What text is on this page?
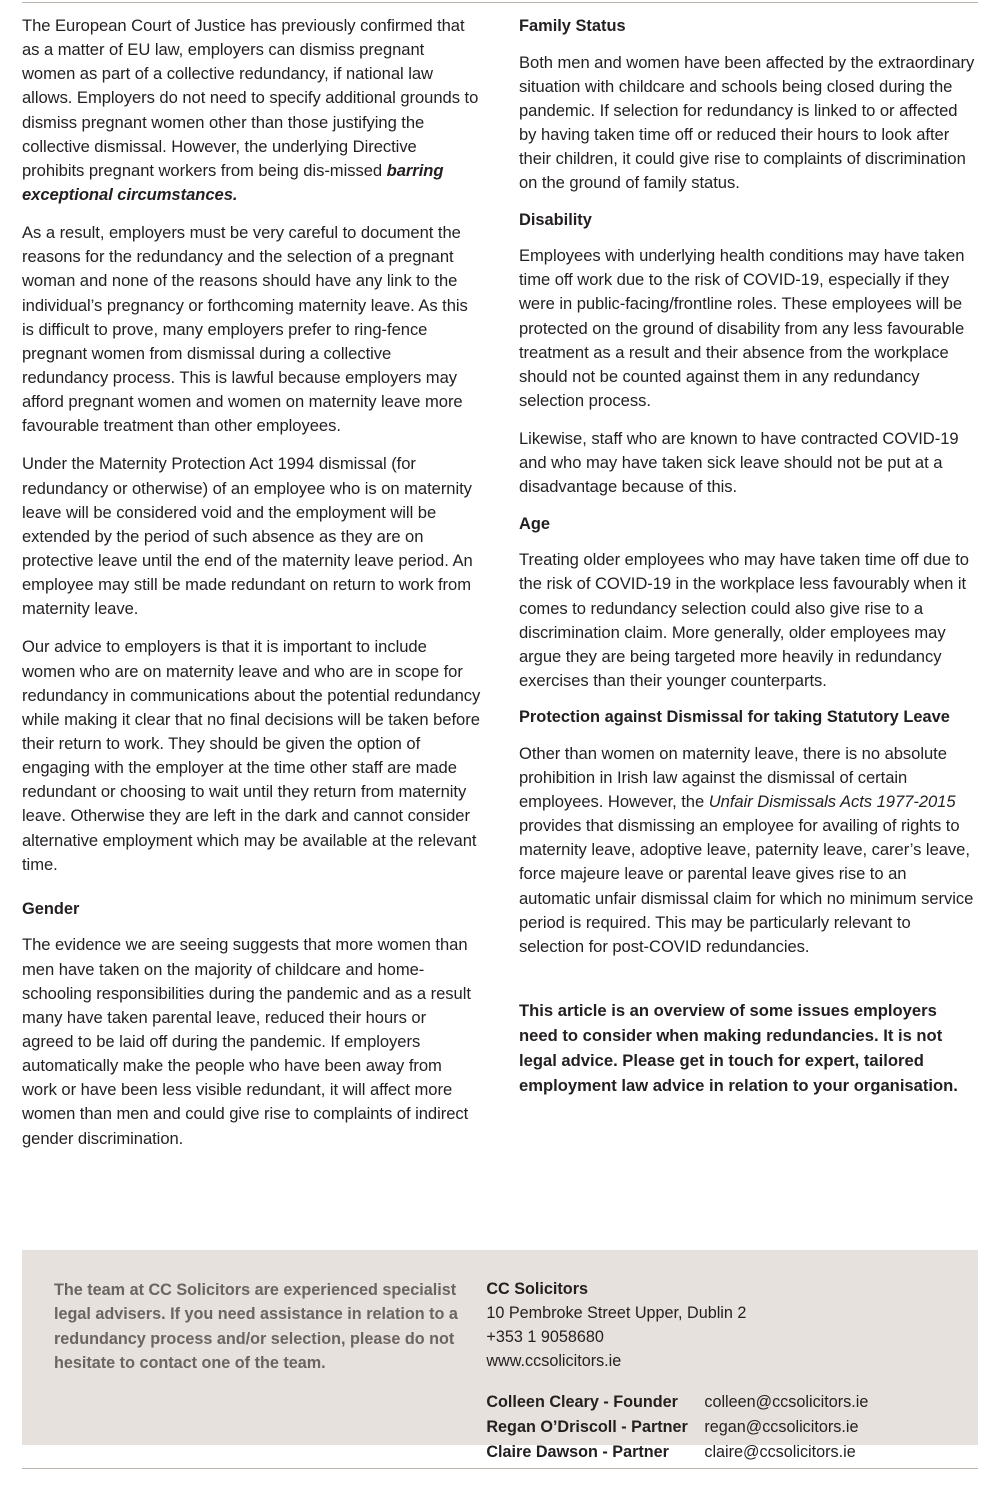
The European Court of Justice has previously confirmed that as a matter of EU law, employers can dismiss pregnant women as part of a collective redundancy, if national law allows. Employers do not need to specify additional grounds to dismiss pregnant women other than those justifying the collective dismissal. However, the underlying Directive prohibits pregnant workers from being dis-missed barring exceptional circumstances.

As a result, employers must be very careful to document the reasons for the redundancy and the selection of a pregnant woman and none of the reasons should have any link to the individual’s pregnancy or forthcoming maternity leave. As this is difficult to prove, many employers prefer to ring-fence pregnant women from dismissal during a collective redundancy process. This is lawful because employers may afford pregnant women and women on maternity leave more favourable treatment than other employees.

Under the Maternity Protection Act 1994 dismissal (for redundancy or otherwise) of an employee who is on maternity leave will be considered void and the employment will be extended by the period of such absence as they are on protective leave until the end of the maternity leave period. An employee may still be made redundant on return to work from maternity leave.

Our advice to employers is that it is important to include women who are on maternity leave and who are in scope for redundancy in communications about the potential redundancy while making it clear that no final decisions will be taken before their return to work. They should be given the option of engaging with the employer at the time other staff are made redundant or choosing to wait until they return from maternity leave. Otherwise they are left in the dark and cannot consider alternative employment which may be available at the relevant time.

Gender

The evidence we are seeing suggests that more women than men have taken on the majority of childcare and home-schooling responsibilities during the pandemic and as a result many have taken parental leave, reduced their hours or agreed to be laid off during the pandemic. If employers automatically make the people who have been away from work or have been less visible redundant, it will affect more women than men and could give rise to complaints of indirect gender discrimination.

Family Status

Both men and women have been affected by the extraordinary situation with childcare and schools being closed during the pandemic. If selection for redundancy is linked to or affected by having taken time off or reduced their hours to look after their children, it could give rise to complaints of discrimination on the ground of family status.

Disability

Employees with underlying health conditions may have taken time off work due to the risk of COVID-19, especially if they were in public-facing/frontline roles. These employees will be protected on the ground of disability from any less favourable treatment as a result and their absence from the workplace should not be counted against them in any redundancy selection process.

Likewise, staff who are known to have contracted COVID-19 and who may have taken sick leave should not be put at a disadvantage because of this.

Age

Treating older employees who may have taken time off due to the risk of COVID-19 in the workplace less favourably when it comes to redundancy selection could also give rise to a discrimination claim. More generally, older employees may argue they are being targeted more heavily in redundancy exercises than their younger counterparts.

Protection against Dismissal for taking Statutory Leave

Other than women on maternity leave, there is no absolute prohibition in Irish law against the dismissal of certain employees. However, the Unfair Dismissals Acts 1977-2015 provides that dismissing an employee for availing of rights to maternity leave, adoptive leave, paternity leave, carer’s leave, force majeure leave or parental leave gives rise to an automatic unfair dismissal claim for which no minimum service period is required. This may be particularly relevant to selection for post-COVID redundancies.

This article is an overview of some issues employers need to consider when making redundancies. It is not legal advice. Please get in touch for expert, tailored employment law advice in relation to your organisation.
The team at CC Solicitors are experienced specialist legal advisers. If you need assistance in relation to a redundancy process and/or selection, please do not hesitate to contact one of the team.
CC Solicitors
10 Pembroke Street Upper, Dublin 2
+353 1 9058680
www.ccsolicitors.ie
Colleen Cleary - Founder	colleen@ccsolicitors.ie
Regan O’Driscoll - Partner	regan@ccsolicitors.ie
Claire Dawson - Partner	claire@ccsolicitors.ie
